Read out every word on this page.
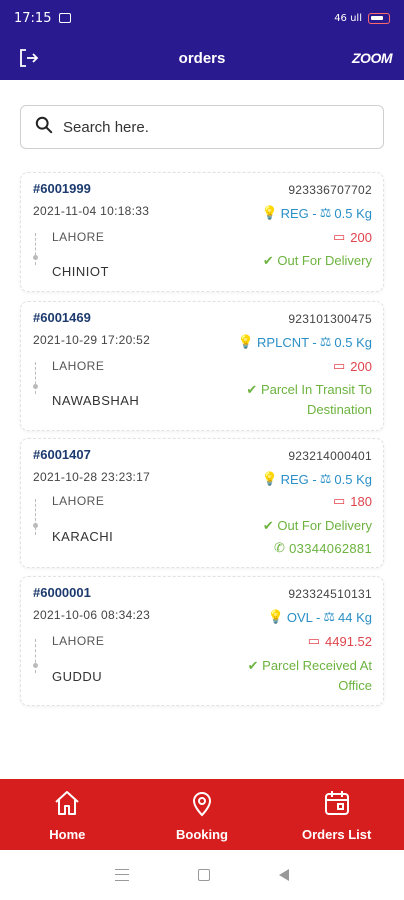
17:15	46 ull
orders	ZOOM
Search here.
#6001999
2021-11-04 10:18:33
923336707702
💡 REG - ⚖ 0.5 Kg
▭ 200
LAHORE
CHINIOT
✔ Out For Delivery
#6001469
2021-10-29 17:20:52
923101300475
💡 RPLCNT - ⚖ 0.5 Kg
▭ 200
LAHORE
NAWABSHAH
✔ Parcel In Transit To
Destination
#6001407
2021-10-28 23:23:17
923214000401
💡 REG - ⚖ 0.5 Kg
▭ 180
LAHORE
KARACHI
✔ Out For Delivery
✆ 03344062881
#6000001
2021-10-06 08:34:23
923324510131
💡 OVL - ⚖ 44 Kg
▭ 4491.52
LAHORE
GUDDU
✔ Parcel Received At
Office
Home	Booking	Orders List
